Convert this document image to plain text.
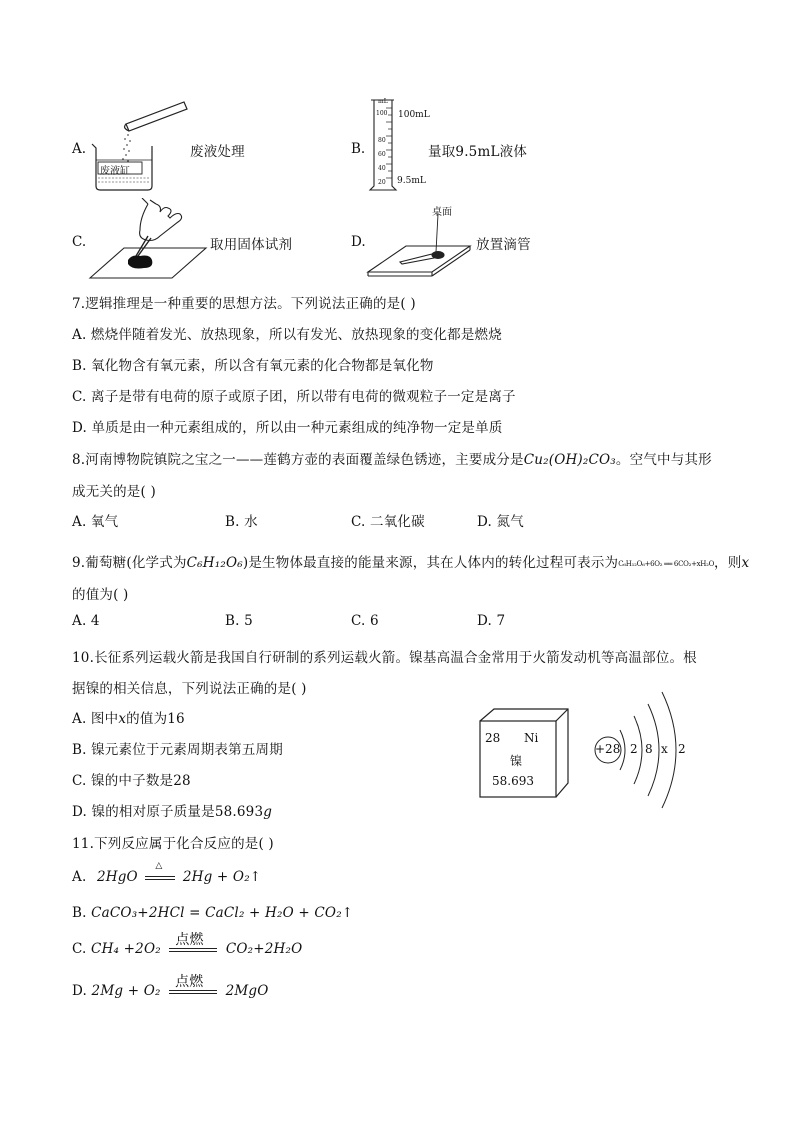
A.
废液缸
废液处理	B.
mL
100
80
60
40
20
100mL
9.5mL
量取9.5mL液体
C.	取用固体试剂	D.
桌面
放置滴管
7.逻辑推理是一种重要的思想方法。下列说法正确的是( )
A. 燃烧伴随着发光、放热现象，所以有发光、放热现象的变化都是燃烧
B. 氧化物含有氧元素，所以含有氧元素的化合物都是氧化物
C. 离子是带有电荷的原子或原子团，所以带有电荷的微观粒子一定是离子
D. 单质是由一种元素组成的，所以由一种元素组成的纯净物一定是单质
8.河南博物院镇院之宝之一——莲鹤方壶的表面覆盖绿色锈迹，主要成分是Cu₂(OH)₂CO₃。空气中与其形
成无关的是( )
A. 氧气	B. 水	C. 二氧化碳	D. 氮气
9.葡萄糖(化学式为C₆H₁₂O₆)是生物体最直接的能量来源，其在人体内的转化过程可表示为C₆H₁₂O₆+6O₂ ══ 6CO₂+xH₂O，则x
的值为( )
A. 4	B. 5	C. 6	D. 7
10.长征系列运载火箭是我国自行研制的系列运载火箭。镍基高温合金常用于火箭发动机等高温部位。根
据镍的相关信息，下列说法正确的是( )
A. 图中x的值为16
B. 镍元素位于元素周期表第五周期
C. 镍的中子数是28
D. 镍的相对原子质量是58.693g
28 Ni
镍
58.693
+28 2 8 x 2
11.下列反应属于化合反应的是( )
A. 2HgO
△
2Hg + O₂↑
B. CaCO₃+2HCl = CaCl₂ + H₂O + CO₂↑
C. CH₄ +2O₂
点燃
CO₂+2H₂O
D. 2Mg + O₂
点燃
2MgO
